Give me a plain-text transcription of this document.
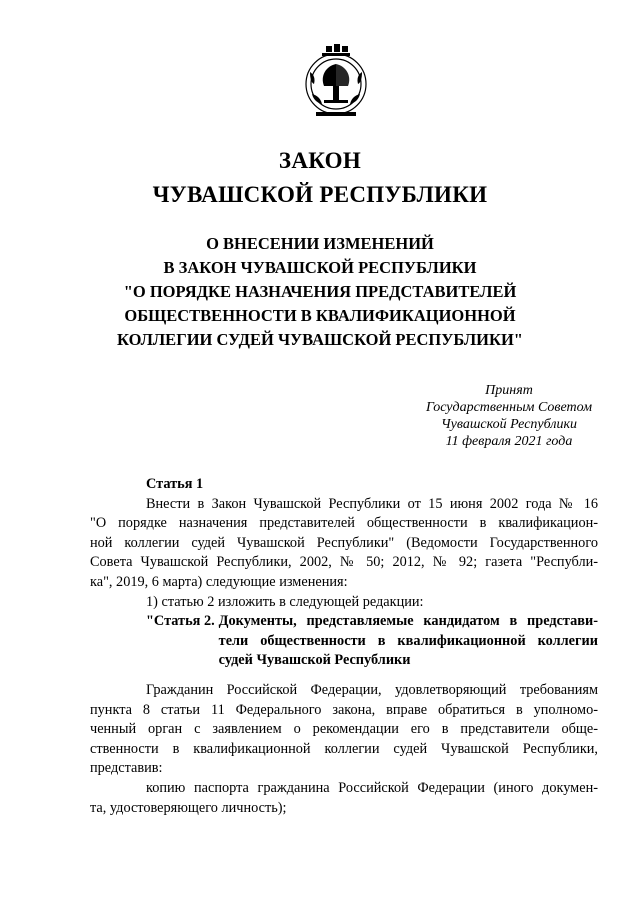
ЗАКОН
ЧУВАШСКОЙ РЕСПУБЛИКИ
О ВНЕСЕНИИ ИЗМЕНЕНИЙ
В ЗАКОН ЧУВАШСКОЙ РЕСПУБЛИКИ
"О ПОРЯДКЕ НАЗНАЧЕНИЯ ПРЕДСТАВИТЕЛЕЙ
ОБЩЕСТВЕННОСТИ В КВАЛИФИКАЦИОННОЙ
КОЛЛЕГИИ СУДЕЙ ЧУВАШСКОЙ РЕСПУБЛИКИ"
Принят
Государственным Советом
Чувашской Республики
11 февраля 2021 года
Статья 1
Внести в Закон Чувашской Республики от 15 июня 2002 года № 16
"О порядке назначения представителей общественности в квалификацион-
ной коллегии судей Чувашской Республики" (Ведомости Государственного
Совета Чувашской Республики, 2002, № 50; 2012, № 92; газета "Республи-
ка", 2019, 6 марта) следующие изменения:
1) статью 2 изложить в следующей редакции:
"Статья 2. Документы, представляемые кандидатом в представи-
тели общественности в квалификационной коллегии
судей Чувашской Республики
Гражданин Российской Федерации, удовлетворяющий требованиям
пункта 8 статьи 11 Федерального закона, вправе обратиться в уполномо-
ченный орган с заявлением о рекомендации его в представители обще-
ственности в квалификационной коллегии судей Чувашской Республики,
представив:
копию паспорта гражданина Российской Федерации (иного докумен-
та, удостоверяющего личность);
